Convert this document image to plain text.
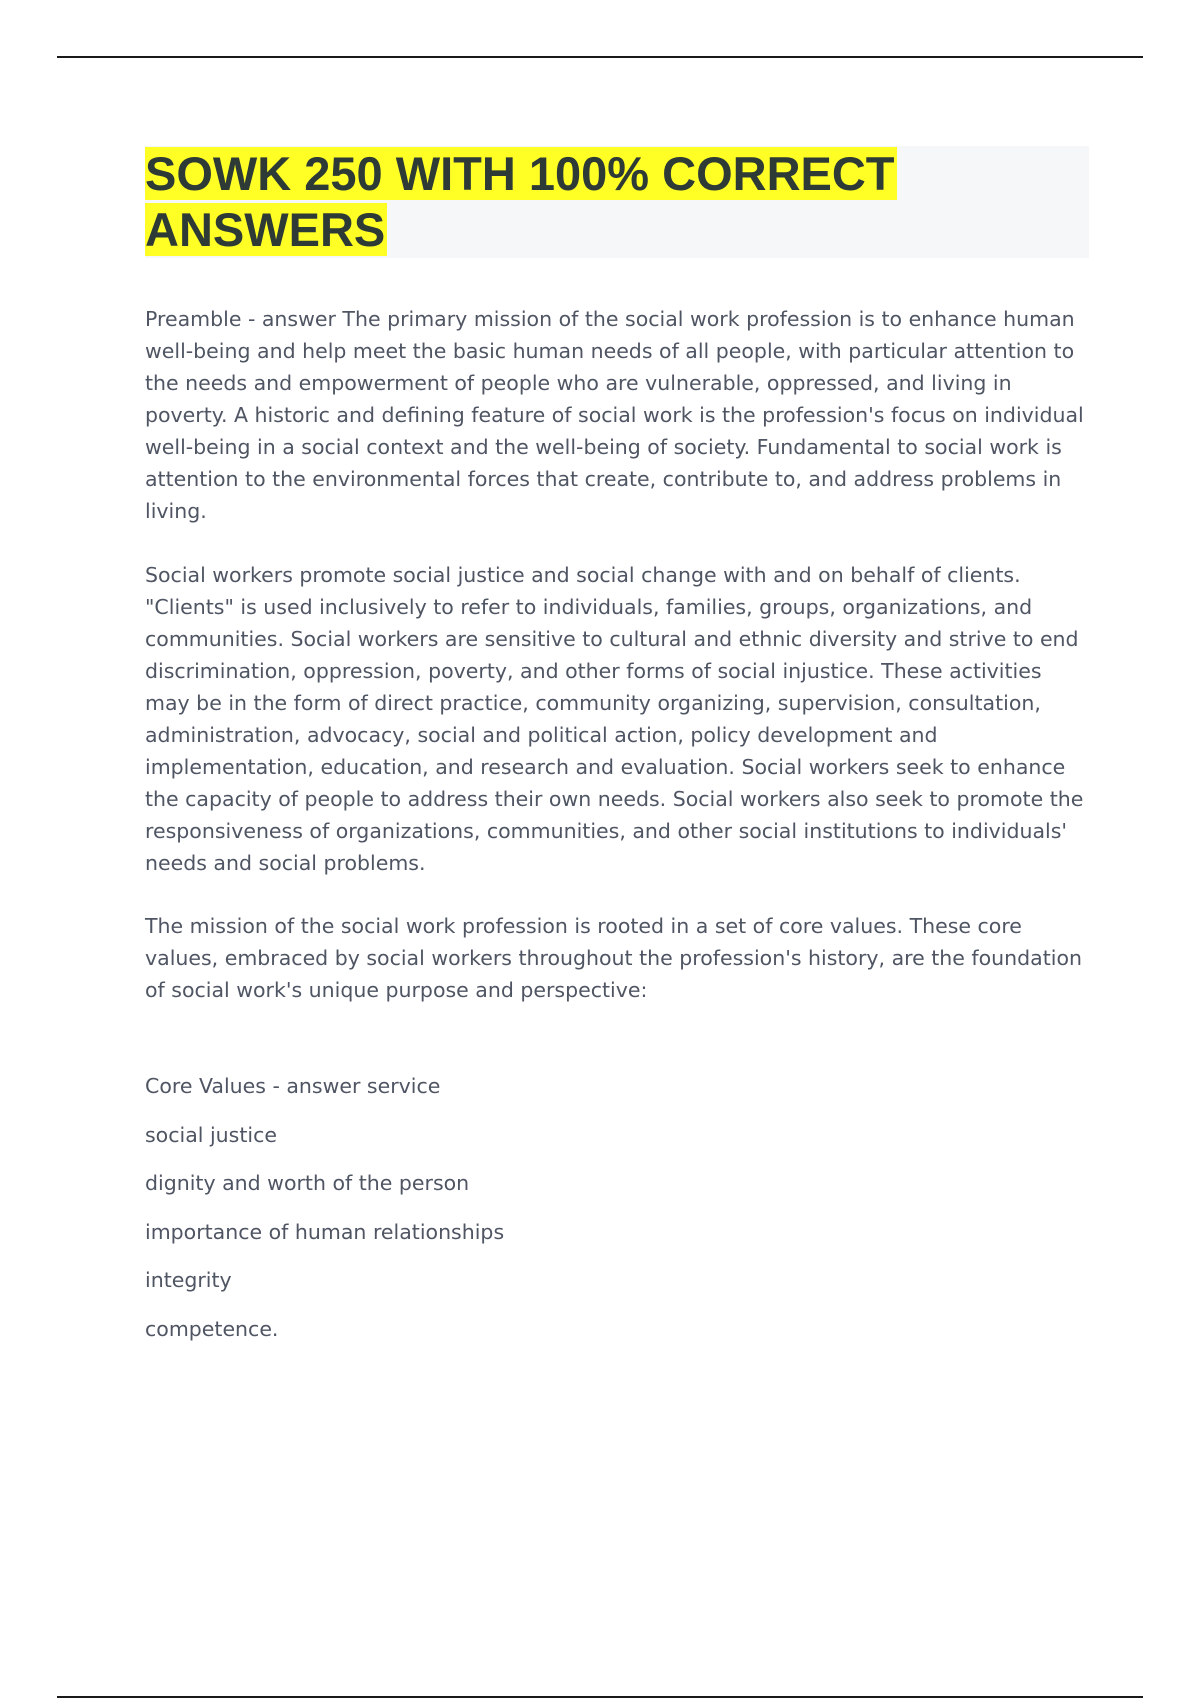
SOWK 250 WITH 100% CORRECT
ANSWERS

Preamble - answer The primary mission of the social work profession is to enhance human well-being and help meet the basic human needs of all people, with particular attention to the needs and empowerment of people who are vulnerable, oppressed, and living in poverty. A historic and defining feature of social work is the profession's focus on individual well-being in a social context and the well-being of society. Fundamental to social work is attention to the environmental forces that create, contribute to, and address problems in living.

Social workers promote social justice and social change with and on behalf of clients. "Clients" is used inclusively to refer to individuals, families, groups, organizations, and communities. Social workers are sensitive to cultural and ethnic diversity and strive to end discrimination, oppression, poverty, and other forms of social injustice. These activities may be in the form of direct practice, community organizing, supervision, consultation, administration, advocacy, social and political action, policy development and implementation, education, and research and evaluation. Social workers seek to enhance the capacity of people to address their own needs. Social workers also seek to promote the responsiveness of organizations, communities, and other social institutions to individuals' needs and social problems.

The mission of the social work profession is rooted in a set of core values. These core values, embraced by social workers throughout the profession's history, are the foundation of social work's unique purpose and perspective:

Core Values - answer service
social justice
dignity and worth of the person
importance of human relationships
integrity
competence.
